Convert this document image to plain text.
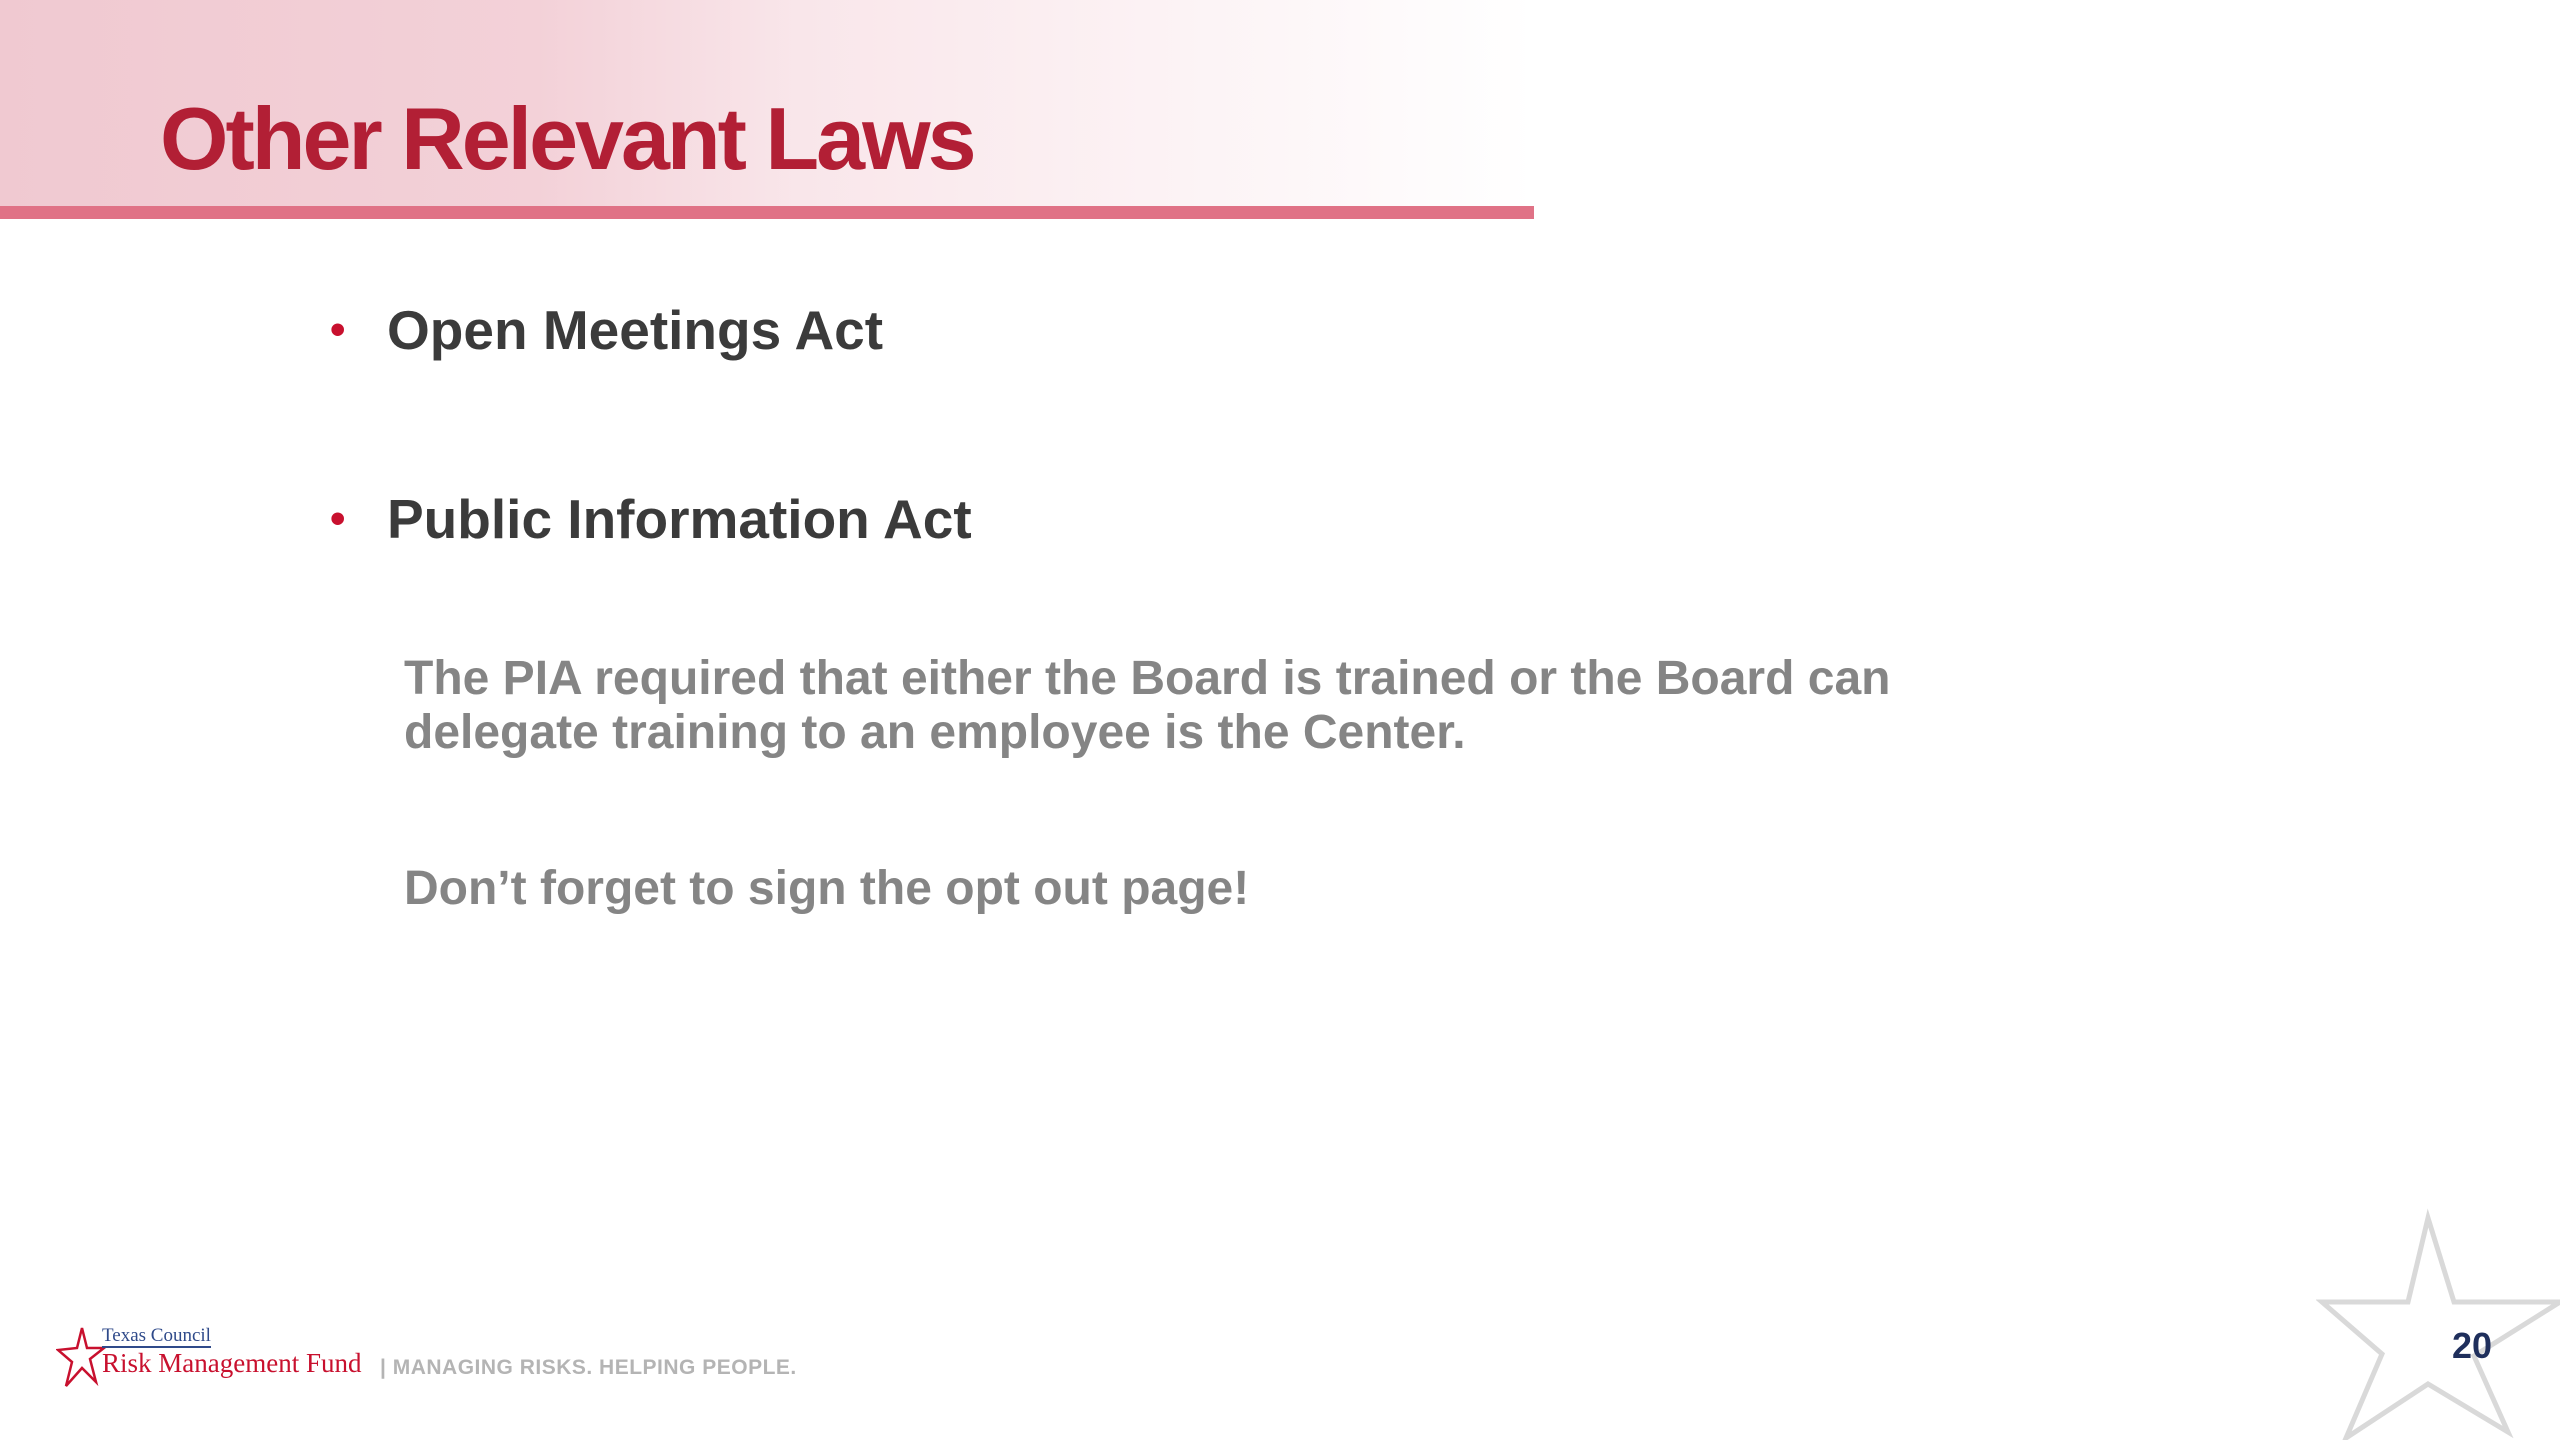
Other Relevant Laws
• Open Meetings Act
• Public Information Act

The PIA required that either the Board is trained or the Board can
delegate training to an employee is the Center.

Don’t forget to sign the opt out page!

Texas Council
Risk Management Fund | MANAGING RISKS. HELPING PEOPLE.
20
